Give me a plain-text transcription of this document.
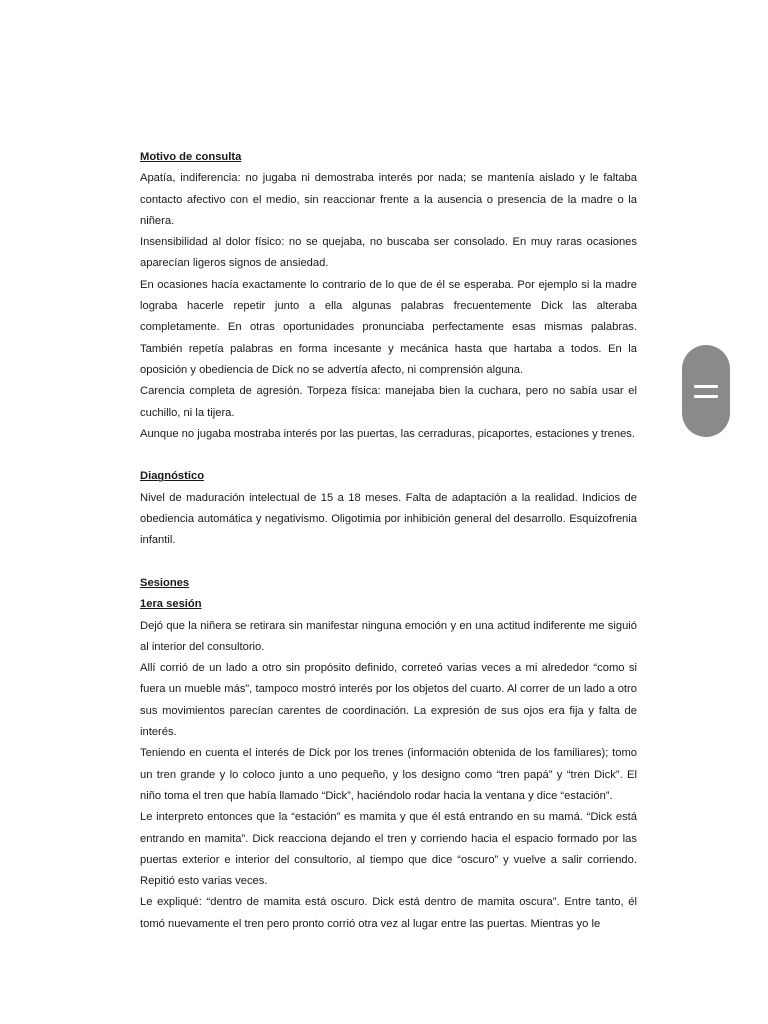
Motivo de consulta

Apatía, indiferencia: no jugaba ni demostraba interés por nada; se mantenía aislado y le faltaba contacto afectivo con el medio, sin reaccionar frente a la ausencia o presencia de la madre o la niñera.

Insensibilidad al dolor físico: no se quejaba, no buscaba ser consolado. En muy raras ocasiones aparecían ligeros signos de ansiedad.

En ocasiones hacía exactamente lo contrario de lo que de él se esperaba. Por ejemplo si la madre lograba hacerle repetir junto a ella algunas palabras frecuentemente Dick las alteraba completamente. En otras oportunidades pronunciaba perfectamente esas mismas palabras. También repetía palabras en forma incesante y mecánica hasta que hartaba a todos. En la oposición y obediencia de Dick no se advertía afecto, ni comprensión alguna.

Carencia completa de agresión. Torpeza física: manejaba bien la cuchara, pero no sabía usar el cuchillo, ni la tijera.

Aunque no jugaba mostraba interés por las puertas, las cerraduras, picaportes, estaciones y trenes.

Diagnóstico

Nivel de maduración intelectual de 15 a 18 meses. Falta de adaptación a la realidad. Indicios de obediencia automática y negativismo. Oligotimia por inhibición general del desarrollo. Esquizofrenia infantil.

Sesiones

1era sesión

Dejó que la niñera se retirara sin manifestar ninguna emoción y en una actitud indiferente me siguió al interior del consultorio.

Allí corrió de un lado a otro sin propósito definido, correteó varias veces a mi alrededor “como si fuera un mueble más”, tampoco mostró interés por los objetos del cuarto. Al correr de un lado a otro sus movimientos parecían carentes de coordinación. La expresión de sus ojos era fija y falta de interés.

Teniendo en cuenta el interés de Dick por los trenes (información obtenida de los familiares); tomo un tren grande y lo coloco junto a uno pequeño, y los designo como “tren papá” y “tren Dick”. El niño toma el tren que había llamado “Dick”, haciéndolo rodar hacia la ventana y dice “estación”.

Le interpreto entonces que la “estación” es mamita y que él está entrando en su mamá. “Dick está entrando en mamita”. Dick reacciona dejando el tren y corriendo hacia el espacio formado por las puertas exterior e interior del consultorio, al tiempo que dice “oscuro” y vuelve a salir corriendo. Repitió esto varias veces.

Le expliqué: “dentro de mamita está oscuro. Dick está dentro de mamita oscura”. Entre tanto, él tomó nuevamente el tren pero pronto corrió otra vez al lugar entre las puertas. Mientras yo le
